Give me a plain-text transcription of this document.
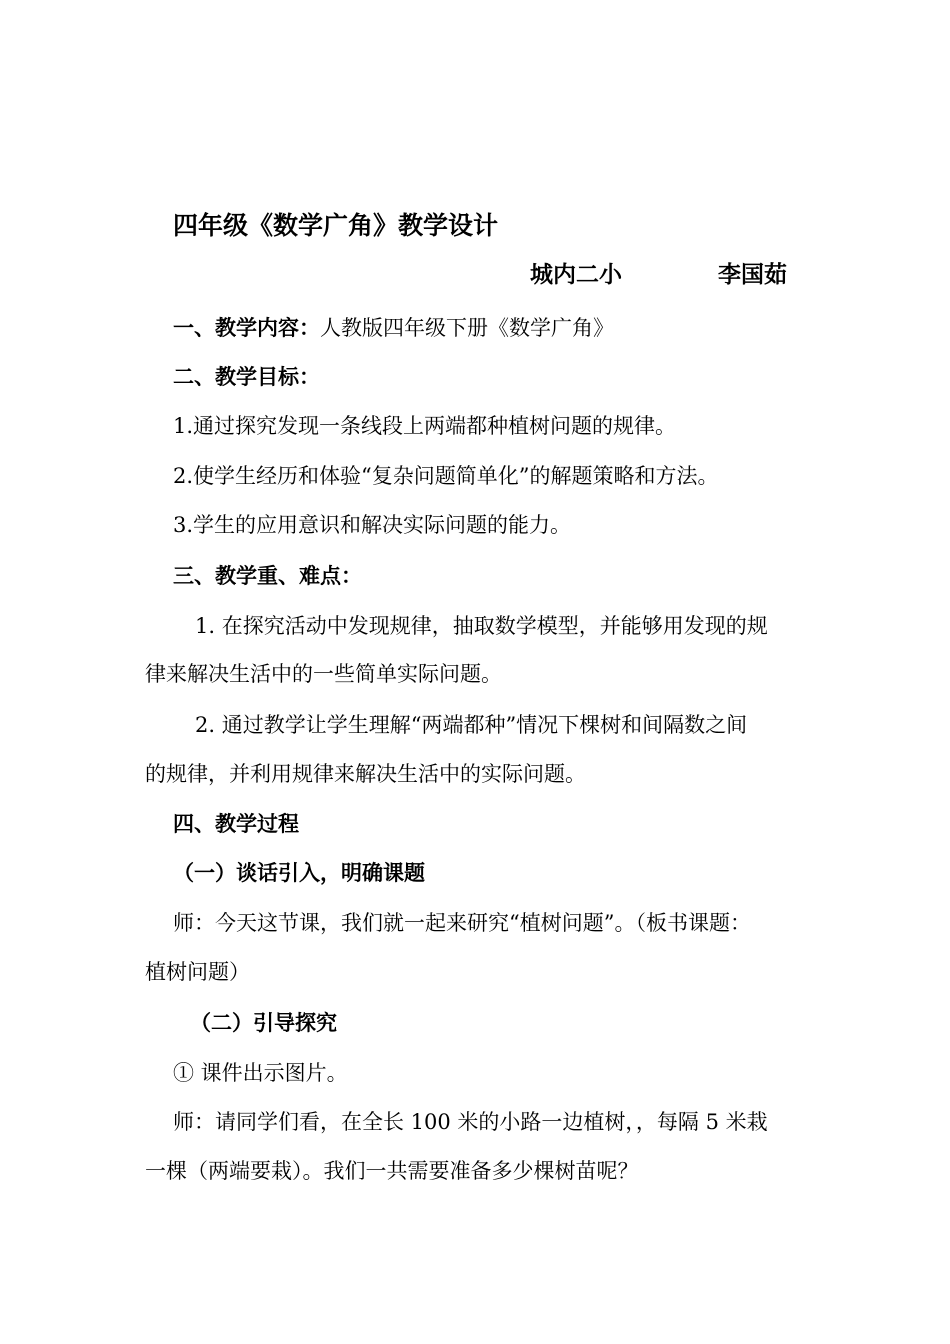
四年级《数学广角》教学设计
城内二小	李国茹
一、教学内容：人教版四年级下册《数学广角》
二、教学目标：
1.通过探究发现一条线段上两端都种植树问题的规律。
2.使学生经历和体验“复杂问题简单化”的解题策略和方法。
3.学生的应用意识和解决实际问题的能力。
三、教学重、难点：
1. 在探究活动中发现规律，抽取数学模型，并能够用发现的规
律来解决生活中的一些简单实际问题。
2. 通过教学让学生理解“两端都种”情况下棵树和间隔数之间
的规律，并利用规律来解决生活中的实际问题。
四、教学过程
（一）谈话引入，明确课题
师：今天这节课，我们就一起来研究“植树问题”。（板书课题：
植树问题）
（二）引导探究
① 课件出示图片。
师：请同学们看，在全长 100 米的小路一边植树，，每隔 5 米栽
一棵（两端要栽）。我们一共需要准备多少棵树苗呢？
